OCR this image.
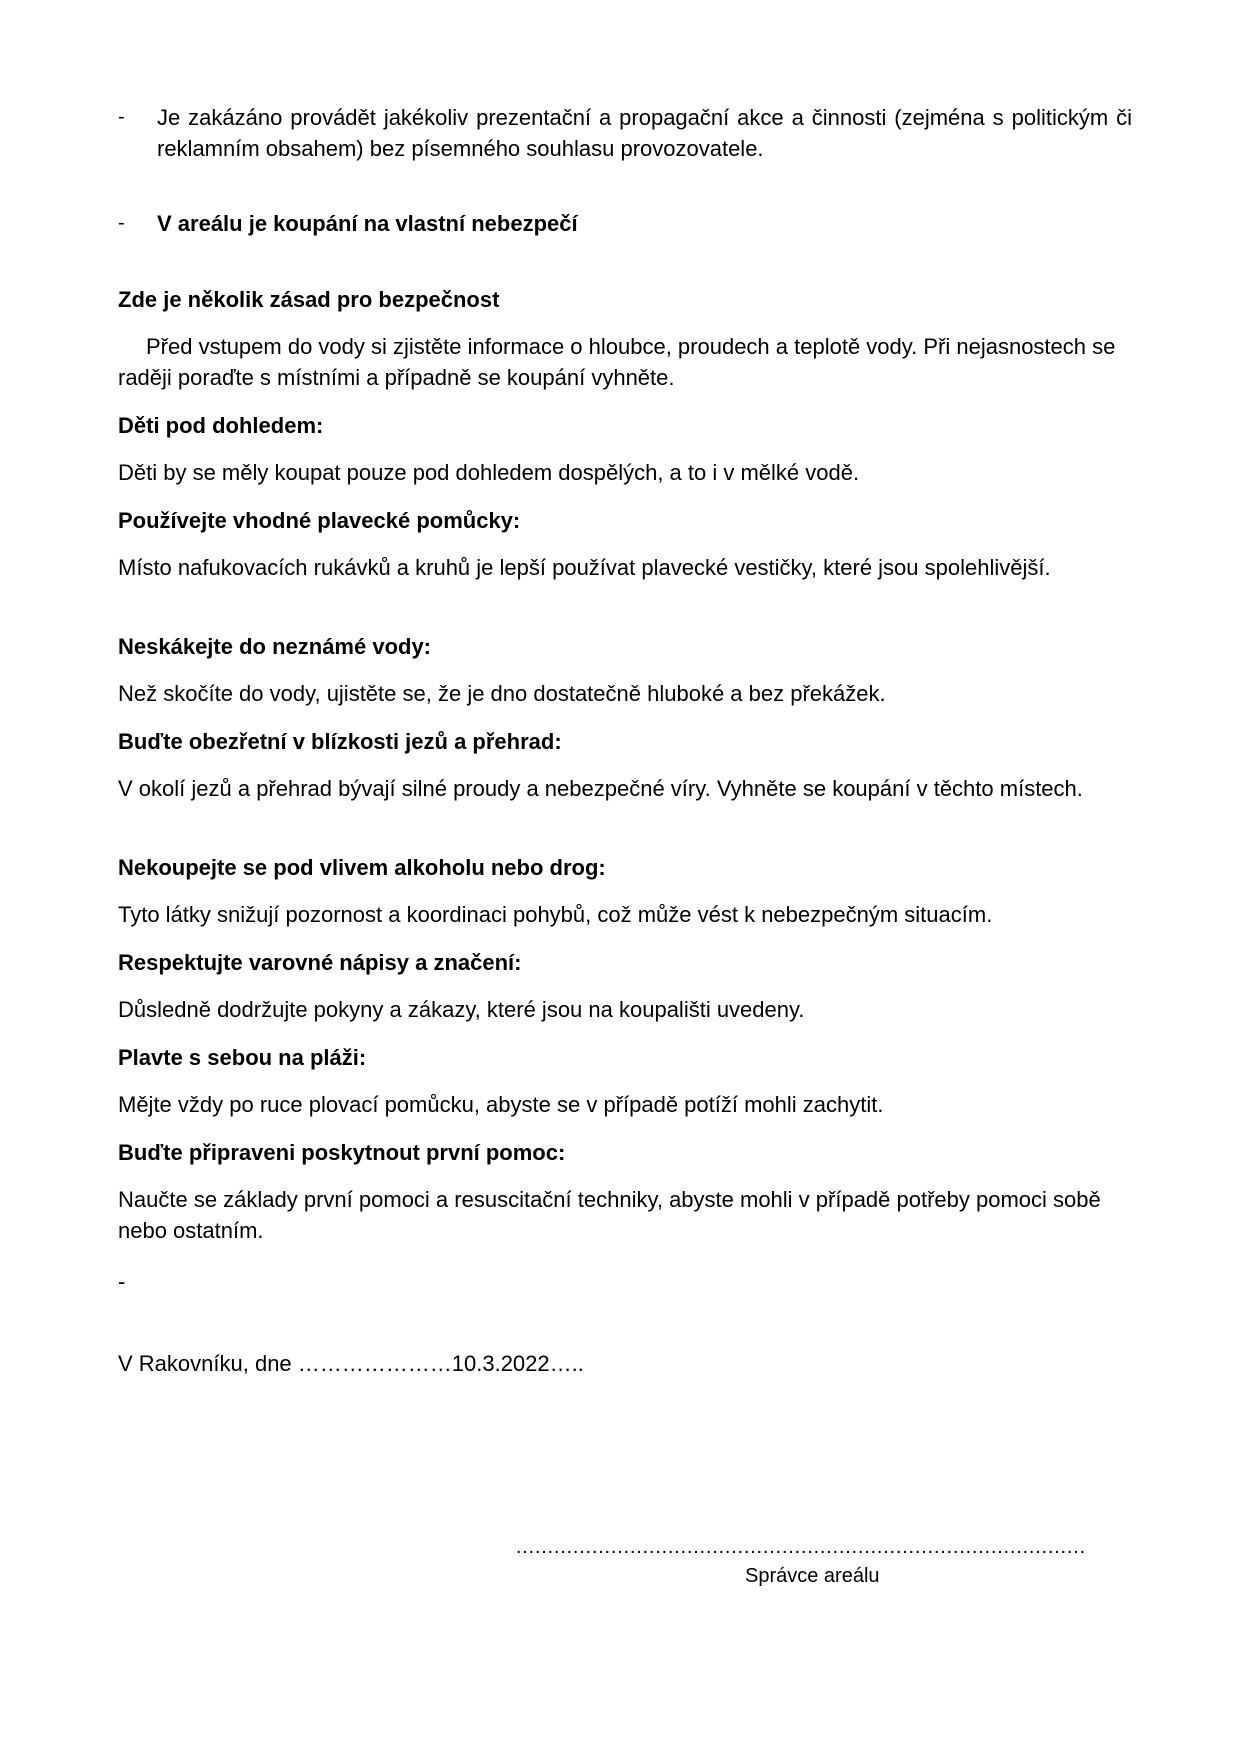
- Je zakázáno provádět jakékoliv prezentační a propagační akce a činnosti (zejména s politickým či reklamním obsahem) bez písemného souhlasu provozovatele.
- V areálu je koupání na vlastní nebezpečí
Zde je několik zásad pro bezpečnost
Před vstupem do vody si zjistěte informace o hloubce, proudech a teplotě vody. Při nejasnostech se raději poraďte s místními a případně se koupání vyhněte.
Děti pod dohledem:
Děti by se měly koupat pouze pod dohledem dospělých, a to i v mělké vodě.
Používejte vhodné plavecké pomůcky:
Místo nafukovacích rukávků a kruhů je lepší používat plavecké vestičky, které jsou spolehlivější.
Neskákejte do neznámé vody:
Než skočíte do vody, ujistěte se, že je dno dostatečně hluboké a bez překážek.
Buďte obezřetní v blízkosti jezů a přehrad:
V okolí jezů a přehrad bývají silné proudy a nebezpečné víry. Vyhněte se koupání v těchto místech.
Nekoupejte se pod vlivem alkoholu nebo drog:
Tyto látky snižují pozornost a koordinaci pohybů, což může vést k nebezpečným situacím.
Respektujte varovné nápisy a značení:
Důsledně dodržujte pokyny a zákazy, které jsou na koupališti uvedeny.
Plavte s sebou na pláži:
Mějte vždy po ruce plovací pomůcku, abyste se v případě potíží mohli zachytit.
Buďte připraveni poskytnout první pomoc:
Naučte se základy první pomoci a resuscitační techniky, abyste mohli v případě potřeby pomoci sobě nebo ostatním.
-
V Rakovníku, dne …………………10.3.2022…..
………………………………………………………………………………
Správce areálu
